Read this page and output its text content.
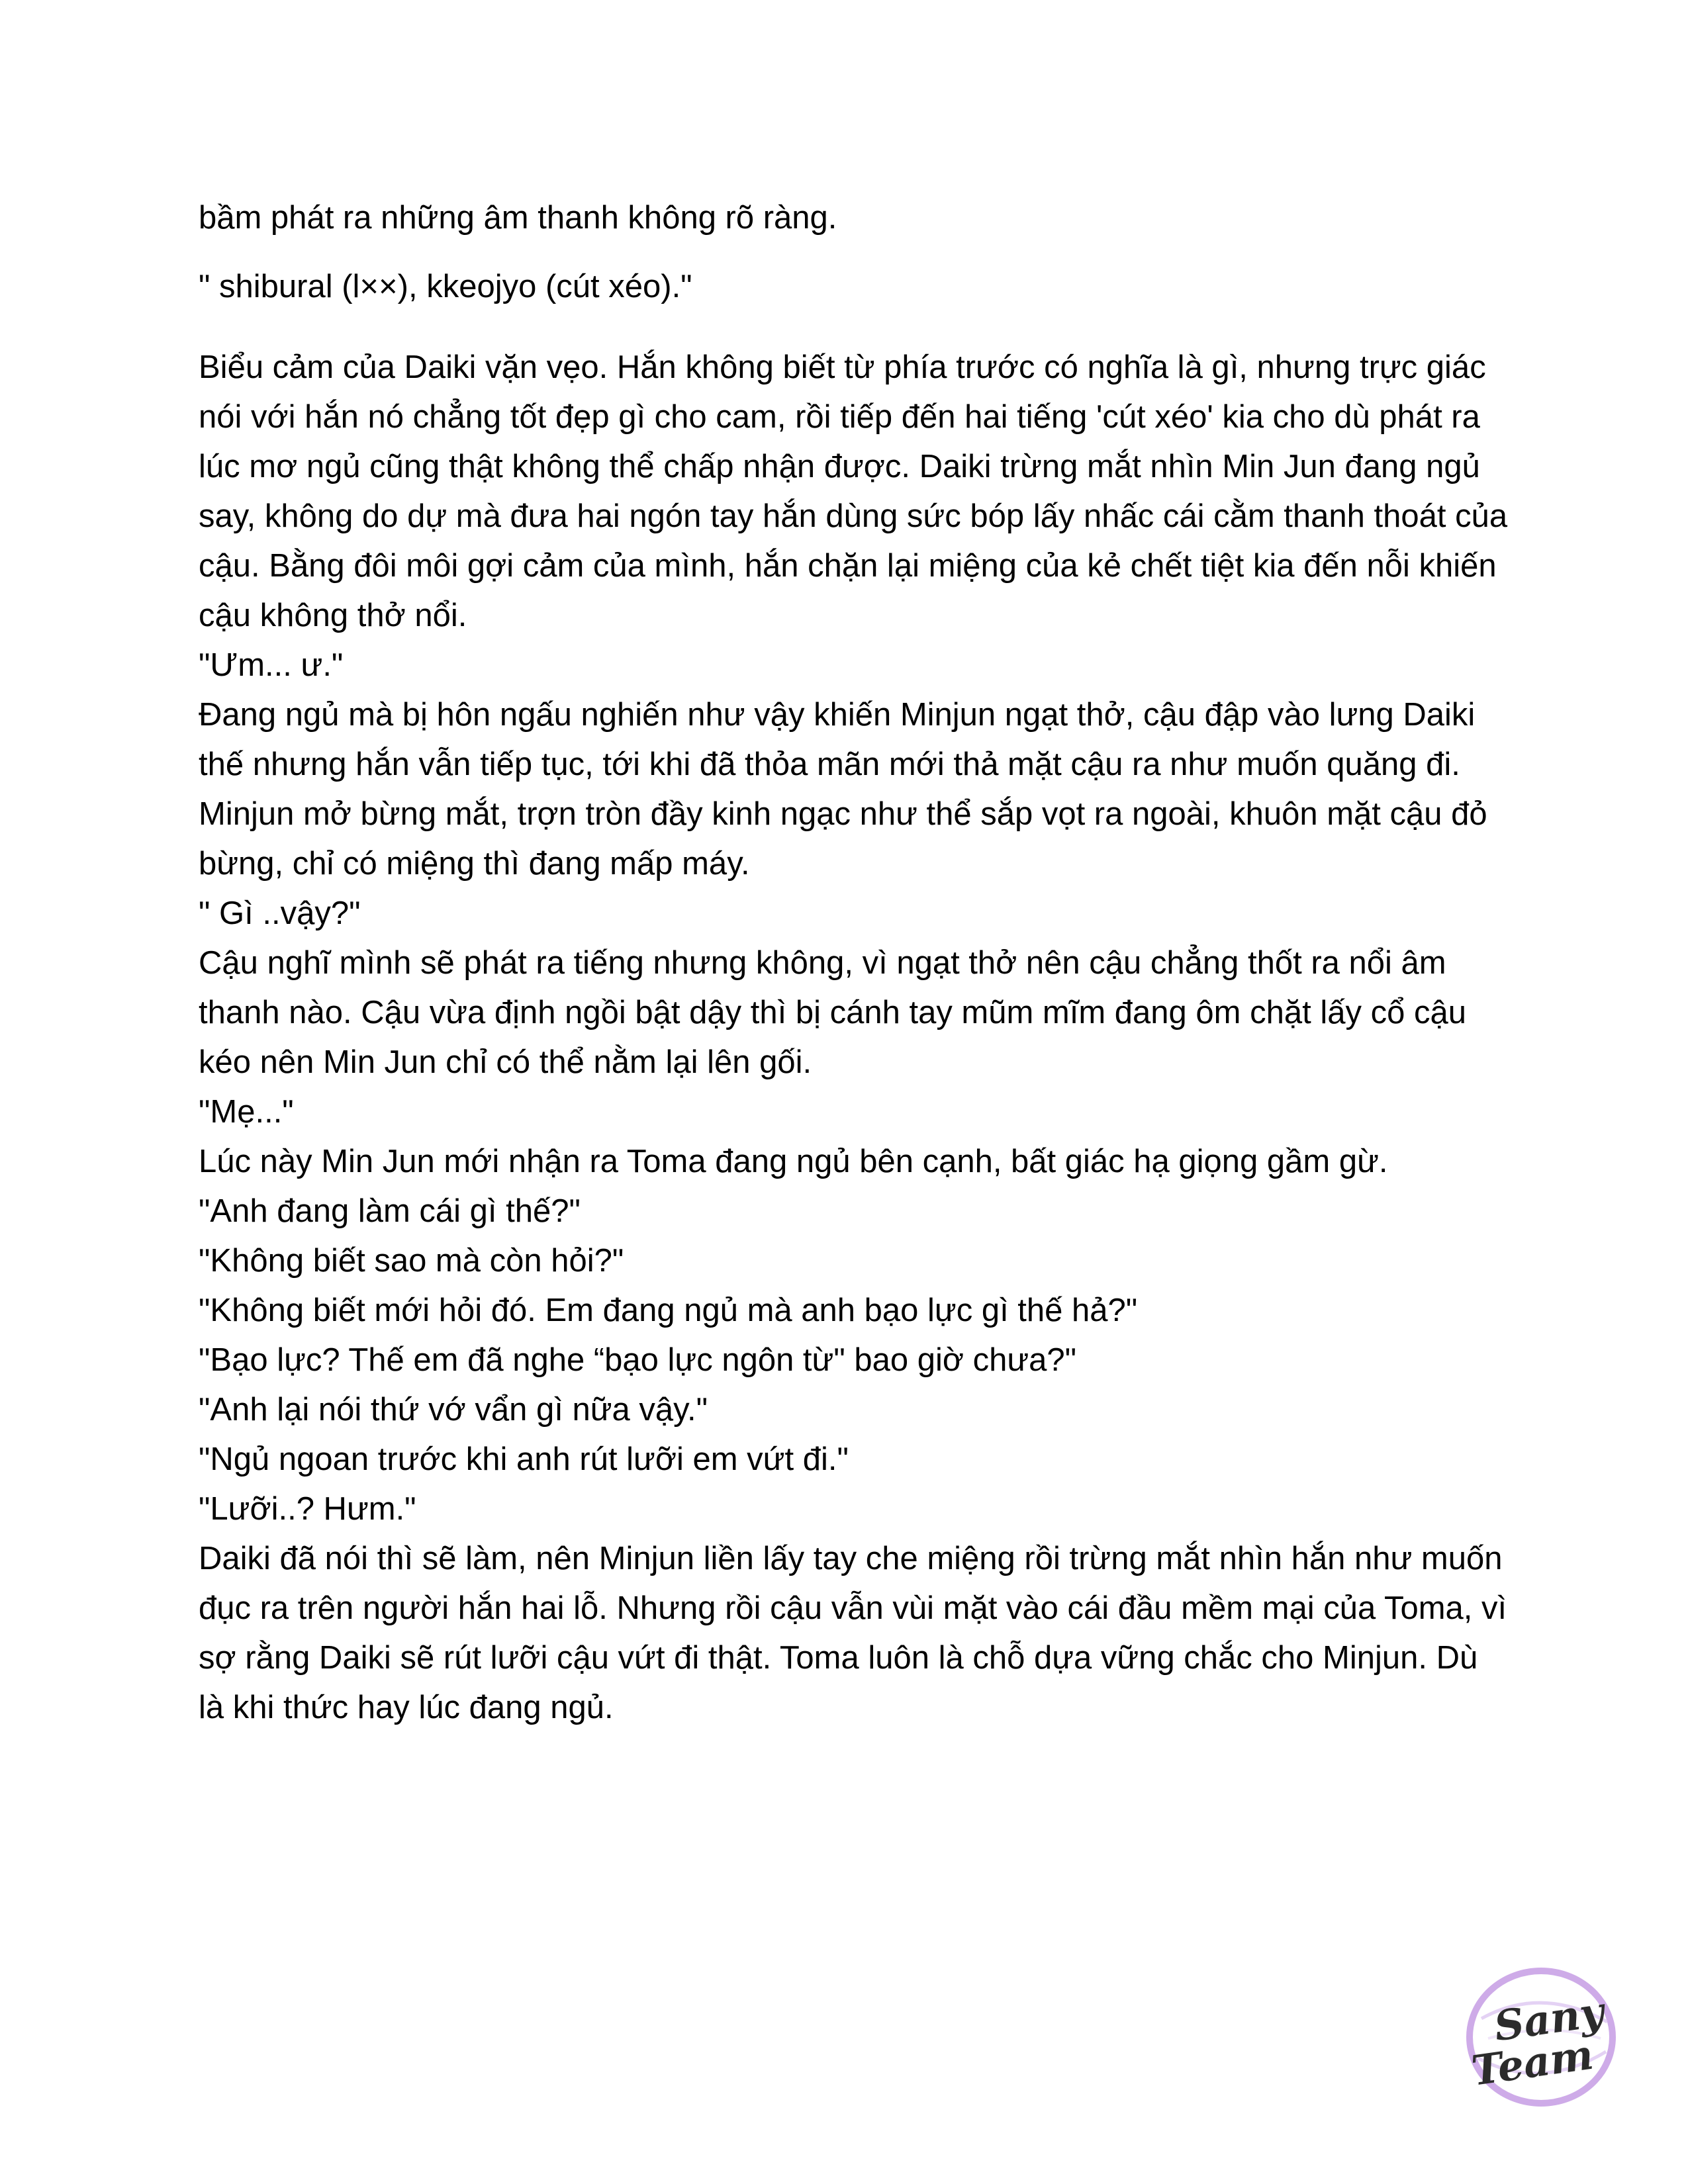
bầm phát ra những âm thanh không rõ ràng.

" shibural (l××), kkeojyo (cút xéo)."

Biểu cảm của Daiki vặn vẹo. Hắn không biết từ phía trước có nghĩa là gì, nhưng trực giác nói với hắn nó chẳng tốt đẹp gì cho cam, rồi tiếp đến hai tiếng 'cút xéo' kia cho dù phát ra lúc mơ ngủ cũng thật không thể chấp nhận được. Daiki trừng mắt nhìn Min Jun đang ngủ say, không do dự mà đưa hai ngón tay hắn dùng sức bóp lấy nhấc cái cằm thanh thoát của cậu. Bằng đôi môi gợi cảm của mình, hắn chặn lại miệng của kẻ chết tiệt kia đến nỗi khiến cậu không thở nổi.

"Ưm... ư."

Đang ngủ mà bị hôn ngấu nghiến như vậy khiến Minjun ngạt thở, cậu đập vào lưng Daiki thế nhưng hắn vẫn tiếp tục, tới khi đã thỏa mãn mới thả mặt cậu ra như muốn quăng đi. Minjun mở bừng mắt, trợn tròn đầy kinh ngạc như thể sắp vọt ra ngoài, khuôn mặt cậu đỏ bừng, chỉ có miệng thì đang mấp máy.

" Gì ..vậy?"

Cậu nghĩ mình sẽ phát ra tiếng nhưng không, vì ngạt thở nên cậu chẳng thốt ra nổi âm thanh nào. Cậu vừa định ngồi bật dậy thì bị cánh tay mũm mĩm đang ôm chặt lấy cổ cậu kéo nên Min Jun chỉ có thể nằm lại lên gối.

"Mẹ..."

Lúc này Min Jun mới nhận ra Toma đang ngủ bên cạnh, bất giác hạ giọng gầm gừ.

"Anh đang làm cái gì thế?"

"Không biết sao mà còn hỏi?"

"Không biết mới hỏi đó. Em đang ngủ mà anh bạo lực gì thế hả?"

"Bạo lực? Thế em đã nghe “bạo lực ngôn từ" bao giờ chưa?"

"Anh lại nói thứ vớ vẩn gì nữa vậy."

"Ngủ ngoan trước khi anh rút lưỡi em vứt đi."

"Lưỡi..? Hưm."

Daiki đã nói thì sẽ làm, nên Minjun liền lấy tay che miệng rồi trừng mắt nhìn hắn như muốn đục ra trên người hắn hai lỗ. Nhưng rồi cậu vẫn vùi mặt vào cái đầu mềm mại của Toma, vì sợ rằng Daiki sẽ rút lưỡi cậu vứt đi thật. Toma luôn là chỗ dựa vững chắc cho Minjun. Dù là khi thức hay lúc đang ngủ.

Sany
Team
